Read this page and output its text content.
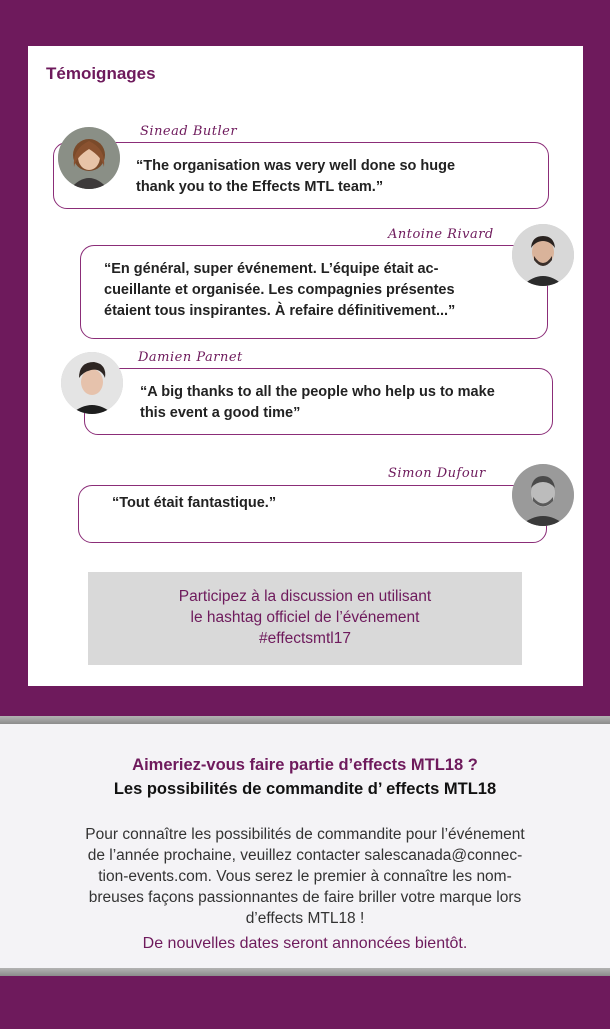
Témoignages
Sinead Butler
“The organisation was very well done so huge
thank you to the Effects MTL team.”
Antoine Rivard
“En général, super événement. L’équipe était ac-
cueillante et organisée. Les compagnies présentes
étaient tous inspirantes. À refaire définitivement...”
Damien Parnet
“A big thanks to all the people who help us to make
this event a good time”
Simon Dufour
“Tout était fantastique.”
Participez à la discussion en utilisant
le hashtag officiel de l’événement
#effectsmtl17
Aimeriez-vous faire partie d’effects MTL18 ?
Les possibilités de commandite d’ effects MTL18
Pour connaître les possibilités de commandite pour l’événement
de l’année prochaine, veuillez contacter salescanada@connec-
tion-events.com. Vous serez le premier à connaître les nom-
breuses façons passionnantes de faire briller votre marque lors
d’effects MTL18 !
De nouvelles dates seront annoncées bientôt.
